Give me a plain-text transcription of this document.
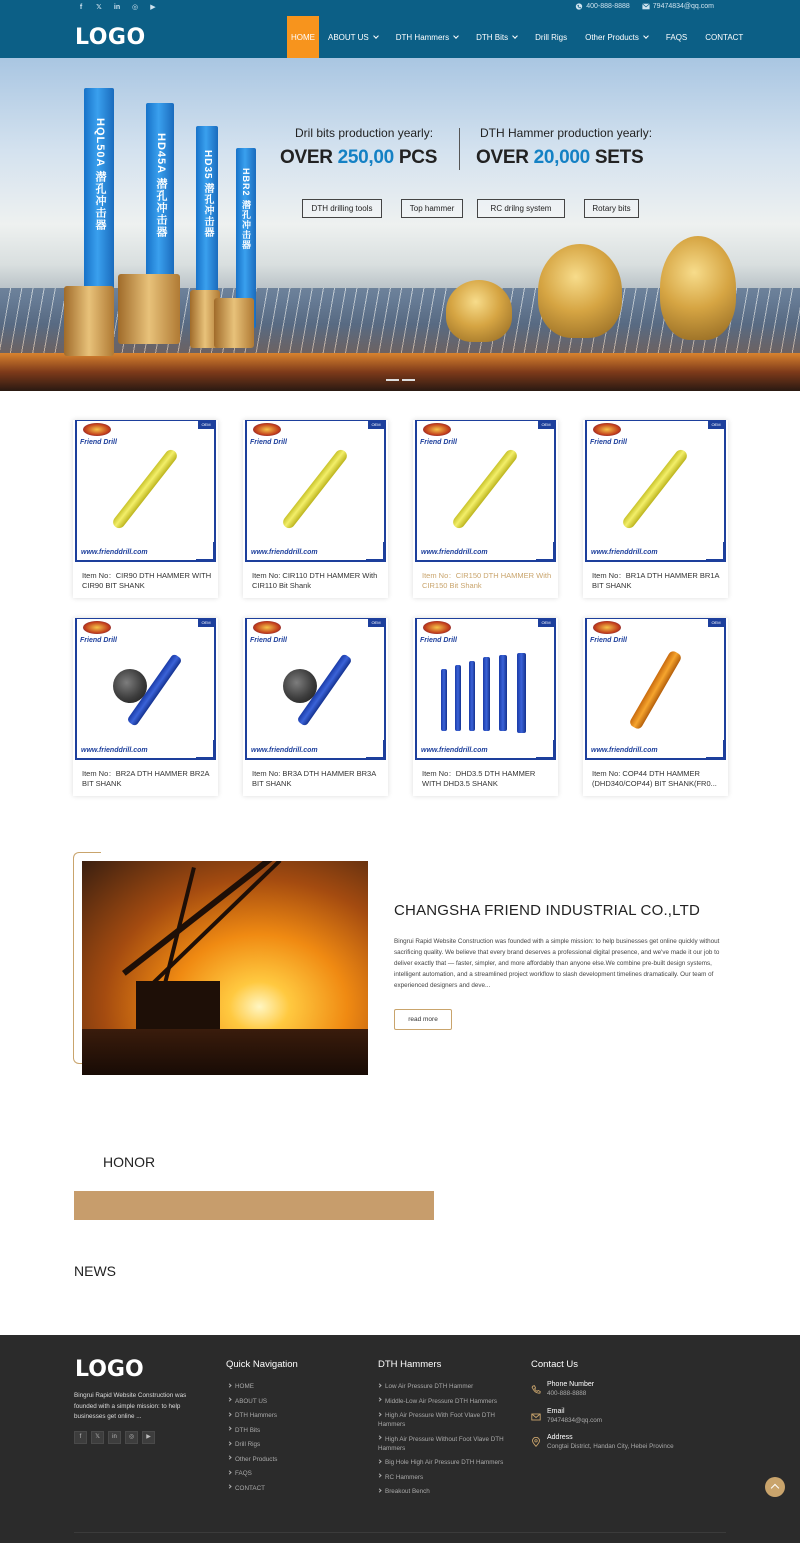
f	𝕏	in ◎	▶	400-888-8888	79474834@qq.com
LOGO	HOME ABOUT US	DTH Hammers	DTH Bits	Drill Rigs Other Products	FAQS CONTACT
HQL50A 潜孔冲击器	HD45A 潜孔冲击器	HD35 潜孔冲击器	HBR2 潜孔冲击器
Dril bits production yearly:
OVER 250,00 PCS
DTH Hammer production yearly:
OVER 20,000 SETS
DTH drilling tools	Top hammer	RC drilng system	Rotary bits
Friend Drill
OEM
www.frienddrill.com
Item No：CIR90 DTH HAMMER WITH CIR90 BIT SHANK
Friend Drill
OEM
www.frienddrill.com
Item No: CIR110 DTH HAMMER With CIR110 Bit Shank
Friend Drill
OEM
www.frienddrill.com
Item No：CIR150 DTH HAMMER With CIR150 Bit Shank
Friend Drill
OEM
www.frienddrill.com
Item No：BR1A DTH HAMMER BR1A BIT SHANK
Friend Drill
OEM
www.frienddrill.com
Item No：BR2A DTH HAMMER BR2A BIT SHANK
Friend Drill
OEM
www.frienddrill.com
Item No: BR3A DTH HAMMER BR3A BIT SHANK
Friend Drill
OEM
www.frienddrill.com
Item No：DHD3.5 DTH HAMMER WITH DHD3.5 SHANK
Friend Drill
OEM
www.frienddrill.com
Item No: COP44 DTH HAMMER (DHD340/COP44) BIT SHANK(FR0...
CHANGSHA FRIEND INDUSTRIAL CO.,LTD
Bingrui Rapid Website Construction was founded with a simple mission: to help businesses get online quickly without sacrificing quality. We believe that every brand deserves a professional digital presence, and we've made it our job to deliver exactly that — faster, simpler, and more affordably than anyone else.We combine pre-built design systems, intelligent automation, and a streamlined project workflow to slash development timelines dramatically. Our team of experienced designers and deve...
read more
HONOR
NEWS
LOGO
Bingrui Rapid Website Construction was founded with a simple mission: to help businesses get online ...
f	𝕏	in	◎	▶
Quick Navigation
HOME
ABOUT US
DTH Hammers
DTH Bits
Drill Rigs
Other Products
FAQS
CONTACT
DTH Hammers
Low Air Pressure DTH Hammer
Middle-Low Air Pressure DTH Hammers
High Air Pressure With Foot Vlave DTH Hammers
High Air Pressure Without Foot Vlave DTH Hammers
Big Hole High Air Pressure DTH Hammers
RC Hammers
Breakout Bench
Contact Us
Phone Number
400-888-8888
Email
79474834@qq.com
Address
Congtai District, Handan City, Hebei Province
